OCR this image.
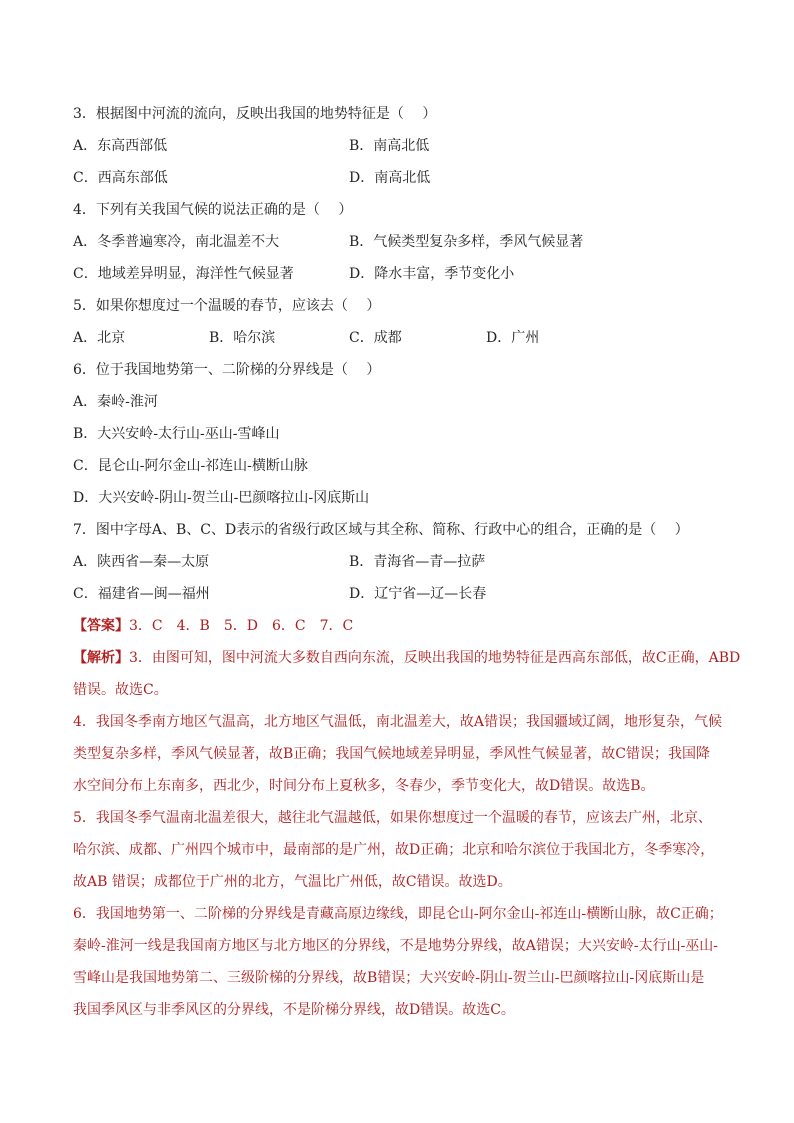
3．根据图中河流的流向，反映出我国的地势特征是（　 ）
A．东高西部低	B．南高北低
C．西高东部低	D．南高北低
4．下列有关我国气候的说法正确的是（　 ）
A．冬季普遍寒冷，南北温差不大	B．气候类型复杂多样，季风气候显著
C．地域差异明显，海洋性气候显著	D．降水丰富，季节变化小
5．如果你想度过一个温暖的春节，应该去（　 ）
A．北京	B．哈尔滨	C．成都	D．广州
6．位于我国地势第一、二阶梯的分界线是（　 ）
A．秦岭-淮河
B．大兴安岭-太行山-巫山-雪峰山
C．昆仑山-阿尔金山-祁连山-横断山脉
D．大兴安岭-阴山-贺兰山-巴颜喀拉山-冈底斯山
7．图中字母A、B、C、D表示的省级行政区域与其全称、简称、行政中心的组合，正确的是（　 ）
A．陕西省—秦—太原	B．青海省—青—拉萨
C．福建省—闽—福州	D．辽宁省—辽—长春
【答案】3．C　4．B　5．D　6．C　7．C
【解析】3．由图可知，图中河流大多数自西向东流，反映出我国的地势特征是西高东部低，故C正确，ABD
错误。故选C。
4．我国冬季南方地区气温高，北方地区气温低，南北温差大，故A错误；我国疆域辽阔，地形复杂，气候
类型复杂多样，季风气候显著，故B正确；我国气候地域差异明显，季风性气候显著，故C错误；我国降
水空间分布上东南多，西北少，时间分布上夏秋多，冬春少，季节变化大，故D错误。故选B。
5．我国冬季气温南北温差很大，越往北气温越低，如果你想度过一个温暖的春节，应该去广州，北京、
哈尔滨、成都、广州四个城市中，最南部的是广州，故D正确；北京和哈尔滨位于我国北方，冬季寒冷，
故AB 错误；成都位于广州的北方，气温比广州低，故C错误。故选D。
6．我国地势第一、二阶梯的分界线是青藏高原边缘线，即昆仑山-阿尔金山-祁连山-横断山脉，故C正确；
秦岭-淮河一线是我国南方地区与北方地区的分界线，不是地势分界线，故A错误；大兴安岭-太行山-巫山-
雪峰山是我国地势第二、三级阶梯的分界线，故B错误；大兴安岭-阴山-贺兰山-巴颜喀拉山-冈底斯山是
我国季风区与非季风区的分界线，不是阶梯分界线，故D错误。故选C。
